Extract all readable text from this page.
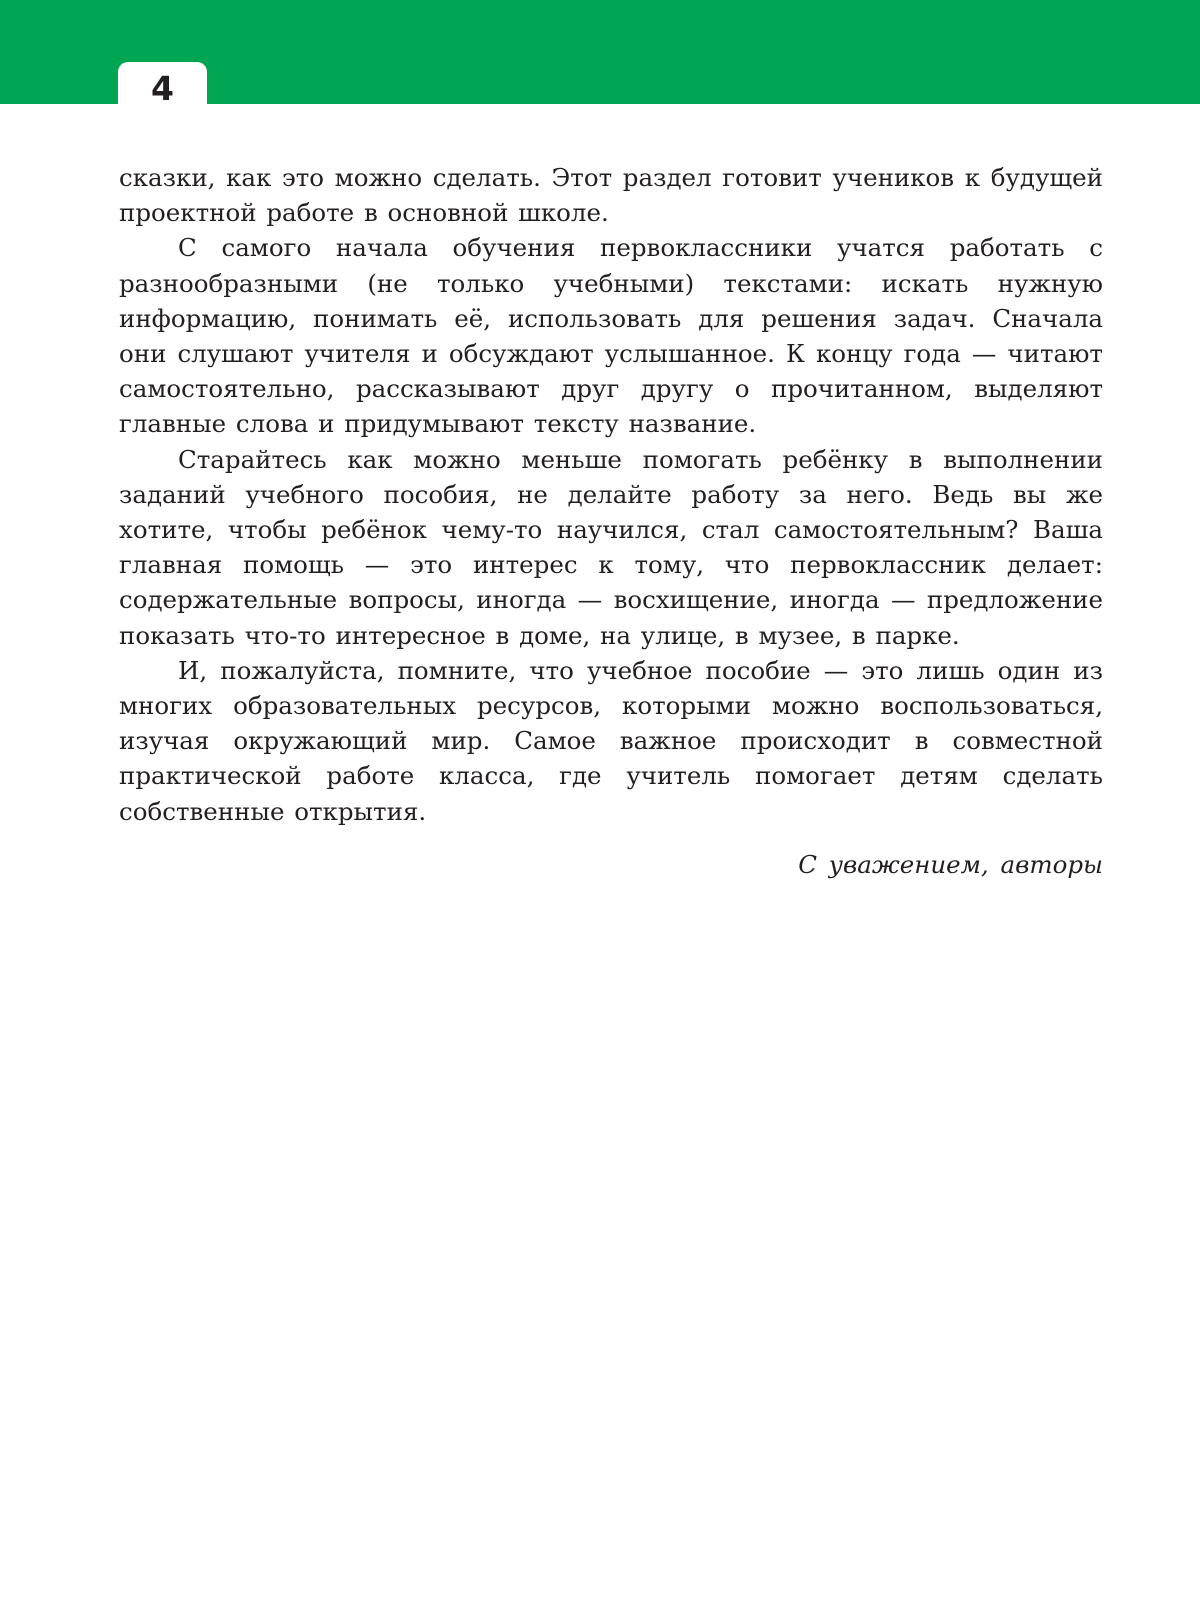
4

сказки, как это можно сделать. Этот раздел готовит учеников к будущей проектной работе в основной школе.

С самого начала обучения первоклассники учатся работать с разнообразными (не только учебными) текстами: искать нужную информацию, понимать её, использовать для решения задач. Сначала они слушают учителя и обсуждают услышанное. К концу года — читают самостоятельно, рассказывают друг другу о прочитанном, выделяют главные слова и придумывают тексту название.

Старайтесь как можно меньше помогать ребёнку в выполнении заданий учебного пособия, не делайте работу за него. Ведь вы же хотите, чтобы ребёнок чему-то научился, стал самостоятельным? Ваша главная помощь — это интерес к тому, что первоклассник делает: содержательные вопросы, иногда — восхищение, иногда — предложение показать что-то интересное в доме, на улице, в музее, в парке.

И, пожалуйста, помните, что учебное пособие — это лишь один из многих образовательных ресурсов, которыми можно воспользоваться, изучая окружающий мир. Самое важное происходит в совместной практической работе класса, где учитель помогает детям сделать собственные открытия.

С уважением, авторы
